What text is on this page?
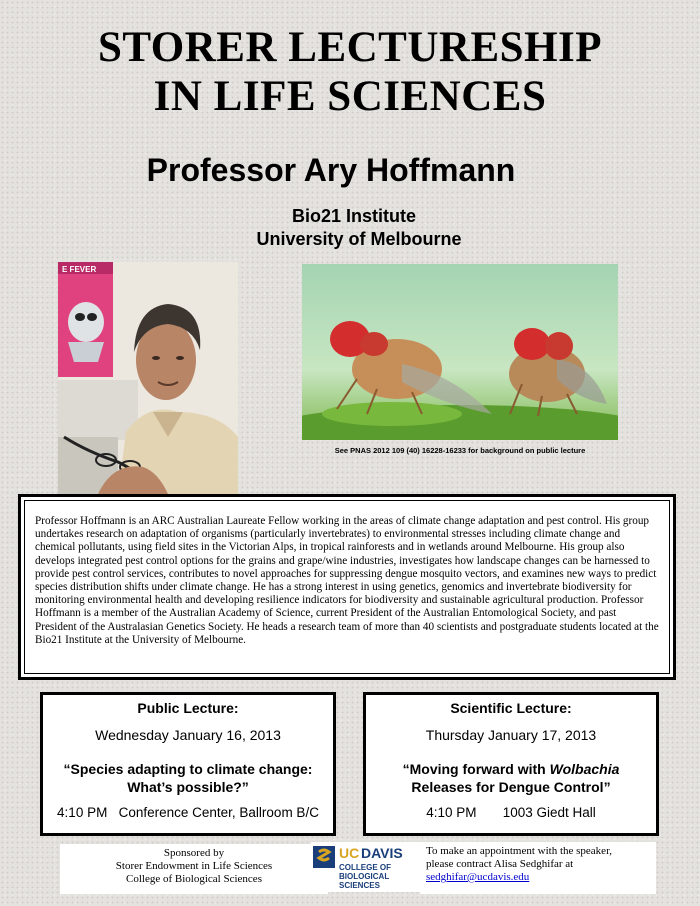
STORER LECTURESHIP
IN LIFE SCIENCES
Professor Ary Hoffmann
Bio21 Institute
University of Melbourne
E FEVER
See PNAS 2012 109 (40) 16228-16233 for background on public lecture

Professor Hoffmann is an ARC Australian Laureate Fellow working in the areas of climate change adaptation and pest control. His group undertakes research on adaptation of organisms (particularly invertebrates) to environmental stresses including climate change and chemical pollutants, using field sites in the Victorian Alps, in tropical rainforests and in wetlands around Melbourne. His group also develops integrated pest control options for the grains and grape/wine industries, investigates how landscape changes can be harnessed to provide pest control services, contributes to novel approaches for suppressing dengue mosquito vectors, and examines new ways to predict species distribution shifts under climate change. He has a strong interest in using genetics, genomics and invertebrate biodiversity for monitoring environmental health and developing resilience indicators for biodiversity and sustainable agricultural production. Professor Hoffmann is a member of the Australian Academy of Science, current President of the Australian Entomological Society, and past President of the Australasian Genetics Society. He heads a research team of more than 40 scientists and postgraduate students located at the Bio21 Institute at the University of Melbourne.

Public Lecture:
Wednesday January 16, 2013
“Species adapting to climate change:
What’s possible?”
4:10 PM Conference Center, Ballroom B/C
Scientific Lecture:
Thursday January 17, 2013
“Moving forward with Wolbachia
Releases for Dengue Control”
4:10 PM 1003 Giedt Hall
Sponsored by
Storer Endowment in Life Sciences
College of Biological Sciences
UC DAVIS
COLLEGE OF
BIOLOGICAL
SCIENCES
To make an appointment with the speaker,
please contract Alisa Sedghifar at
sedghifar@ucdavis.edu
